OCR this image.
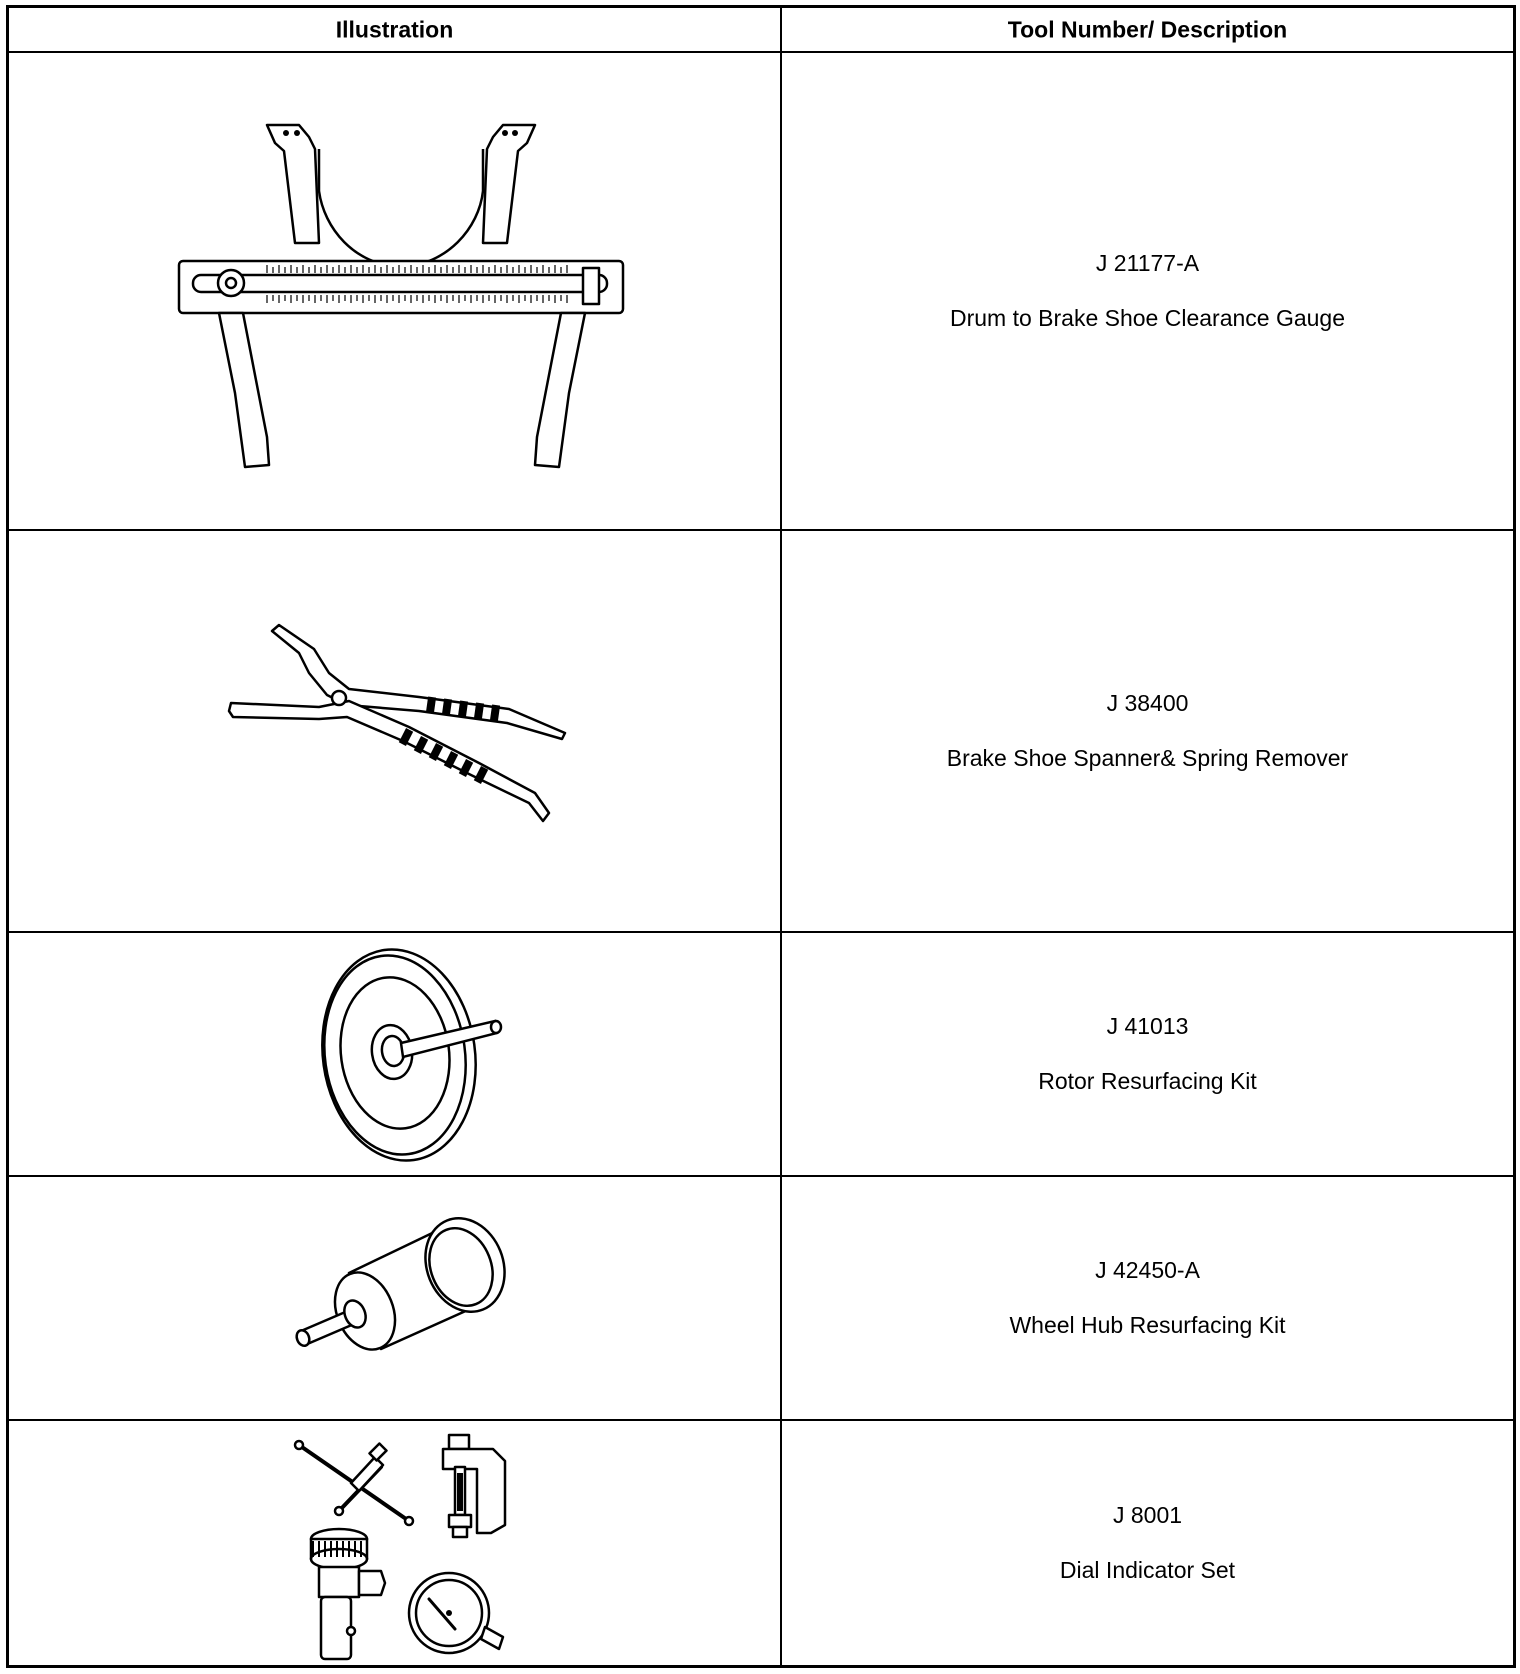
Illustration	Tool Number/ Description
J 21177-A
Drum to Brake Shoe Clearance Gauge
J 38400
Brake Shoe Spanner& Spring Remover
J 41013
Rotor Resurfacing Kit
J 42450-A
Wheel Hub Resurfacing Kit
J 8001
Dial Indicator Set
